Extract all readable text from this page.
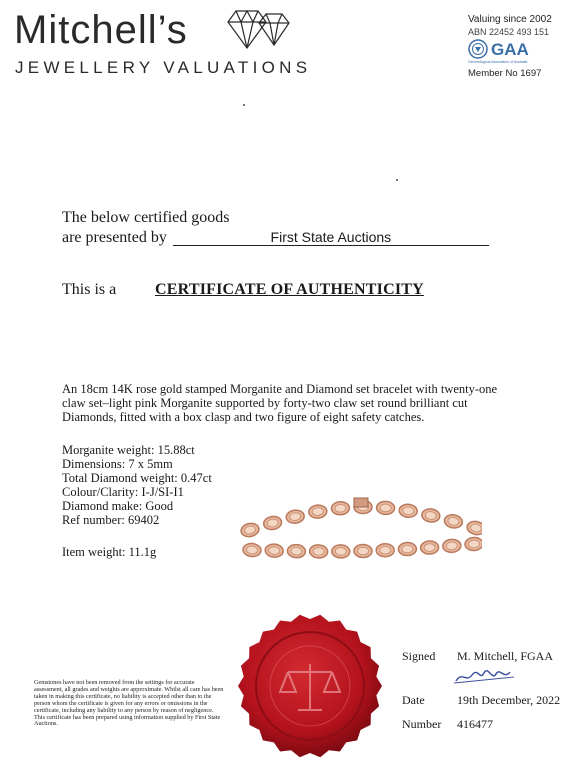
Mitchell’s
JEWELLERY VALUATIONS
Valuing since 2002
ABN 22452 493 151
GAA
Gemmological Association of Australia
Member No 1697
The below certified goods
are presented by	First State Auctions
This is a CERTIFICATE OF AUTHENTICITY
An 18cm 14K rose gold stamped Morganite and Diamond set bracelet with twenty-one claw set–light pink Morganite supported by forty-two claw set round brilliant cut Diamonds, fitted with a box clasp and two figure of eight safety catches.
Morganite weight: 15.88ct
Dimensions: 7 x 5mm
Total Diamond weight: 0.47ct
Colour/Clarity: I-J/SI-I1
Diamond make: Good
Ref number: 69402
Item weight: 11.1g
Gemstones have not been removed from the settings for accurate assessment, all grades and weights are approximate. Whilst all care has been taken in making this certificate, no liability is accepted other than to the person whom the certificate is given for any errors or omissions in the certificate, including any liability to any person by reason of negligence. This certificate has been prepared using information supplied by First State Auctions.
Signed M. Mitchell, FGAA
Date	19th December, 2022
Number 416477
